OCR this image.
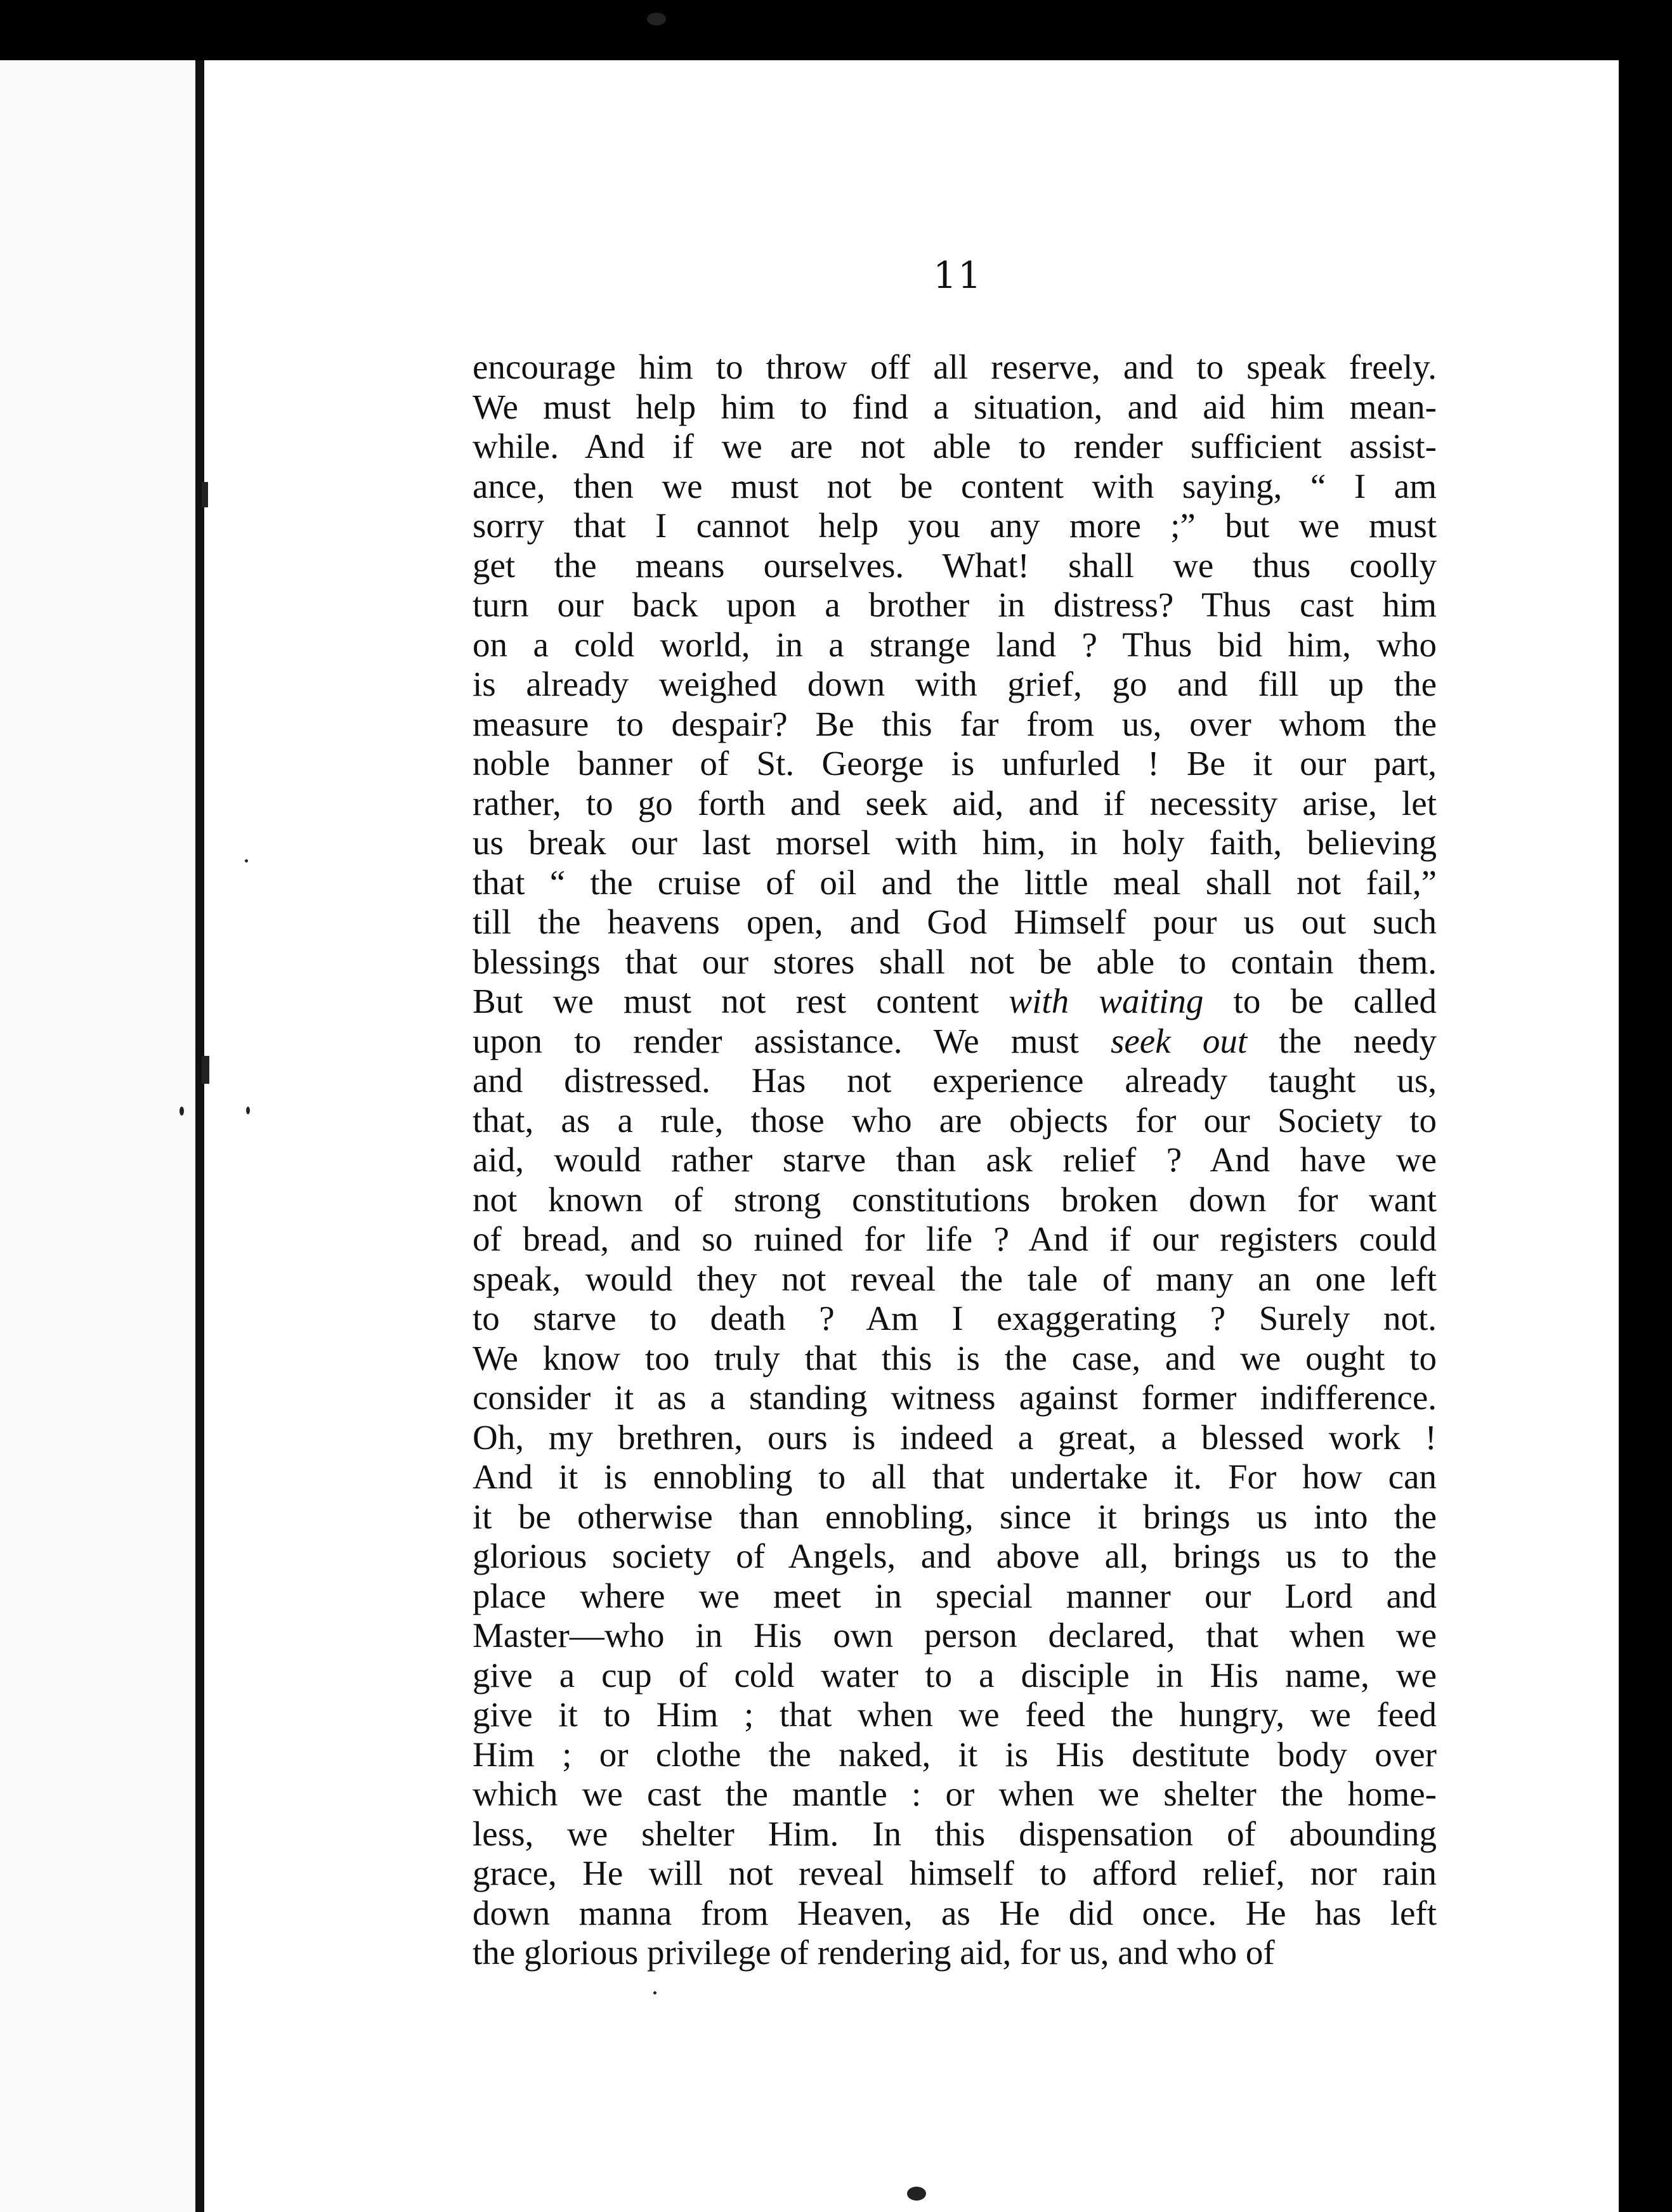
11
encourage him to throw off all reserve, and to speak freely.
We must help him to find a situation, and aid him mean-
while. And if we are not able to render sufficient assist-
ance, then we must not be content with saying, “ I am
sorry that I cannot help you any more ;” but we must
get the means ourselves. What! shall we thus coolly
turn our back upon a brother in distress? Thus cast him
on a cold world, in a strange land ? Thus bid him, who
is already weighed down with grief, go and fill up the
measure to despair? Be this far from us, over whom the
noble banner of St. George is unfurled ! Be it our part,
rather, to go forth and seek aid, and if necessity arise, let
us break our last morsel with him, in holy faith, believing
that “ the cruise of oil and the little meal shall not fail,”
till the heavens open, and God Himself pour us out such
blessings that our stores shall not be able to contain them.
But we must not rest content with waiting to be called
upon to render assistance. We must seek out the needy
and distressed. Has not experience already taught us,
that, as a rule, those who are objects for our Society to
aid, would rather starve than ask relief ? And have we
not known of strong constitutions broken down for want
of bread, and so ruined for life ? And if our registers could
speak, would they not reveal the tale of many an one left
to starve to death ? Am I exaggerating ? Surely not.
We know too truly that this is the case, and we ought to
consider it as a standing witness against former indifference.
Oh, my brethren, ours is indeed a great, a blessed work !
And it is ennobling to all that undertake it. For how can
it be otherwise than ennobling, since it brings us into the
glorious society of Angels, and above all, brings us to the
place where we meet in special manner our Lord and
Master—who in His own person declared, that when we
give a cup of cold water to a disciple in His name, we
give it to Him ; that when we feed the hungry, we feed
Him ; or clothe the naked, it is His destitute body over
which we cast the mantle : or when we shelter the home-
less, we shelter Him. In this dispensation of abounding
grace, He will not reveal himself to afford relief, nor rain
down manna from Heaven, as He did once. He has left
the glorious privilege of rendering aid, for us, and who of
